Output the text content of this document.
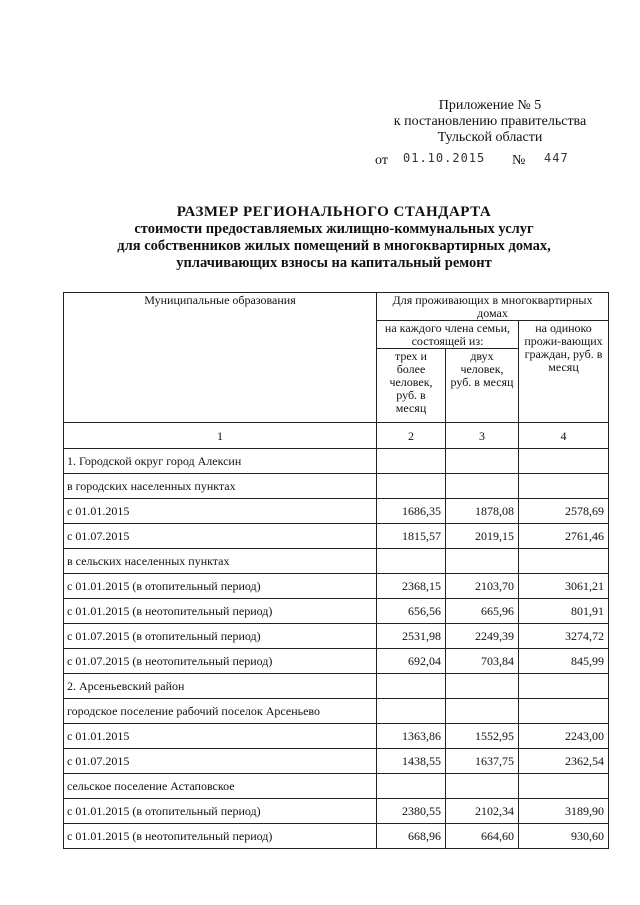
Приложение № 5
к постановлению правительства
Тульской области
от 01.10.2015 № 447
РАЗМЕР РЕГИОНАЛЬНОГО СТАНДАРТА
стоимости предоставляемых жилищно-коммунальных услуг
для собственников жилых помещений в многоквартирных домах,
уплачивающих взносы на капитальный ремонт
Муниципальные образования	Для проживающих в многоквартирных домах		
	на каждого члена семьи, состоящей из:		на одиноко прожи-вающих граждан, руб. в месяц
	трех и более человек, руб. в месяц	двух человек, руб. в месяц	
1	2	3	4
1. Городской округ город Алексин			
в городских населенных пунктах			
с 01.01.2015	1686,35	1878,08	2578,69
с 01.07.2015	1815,57	2019,15	2761,46
в сельских населенных пунктах			
с 01.01.2015 (в отопительный период)	2368,15	2103,70	3061,21
с 01.01.2015 (в неотопительный период)	656,56	665,96	801,91
с 01.07.2015 (в отопительный период)	2531,98	2249,39	3274,72
с 01.07.2015 (в неотопительный период)	692,04	703,84	845,99
2. Арсеньевский район			
городское поселение рабочий поселок Арсеньево			
с 01.01.2015	1363,86	1552,95	2243,00
с 01.07.2015	1438,55	1637,75	2362,54
сельское поселение Астаповское			
с 01.01.2015 (в отопительный период)	2380,55	2102,34	3189,90
с 01.01.2015 (в неотопительный период)	668,96	664,60	930,60
